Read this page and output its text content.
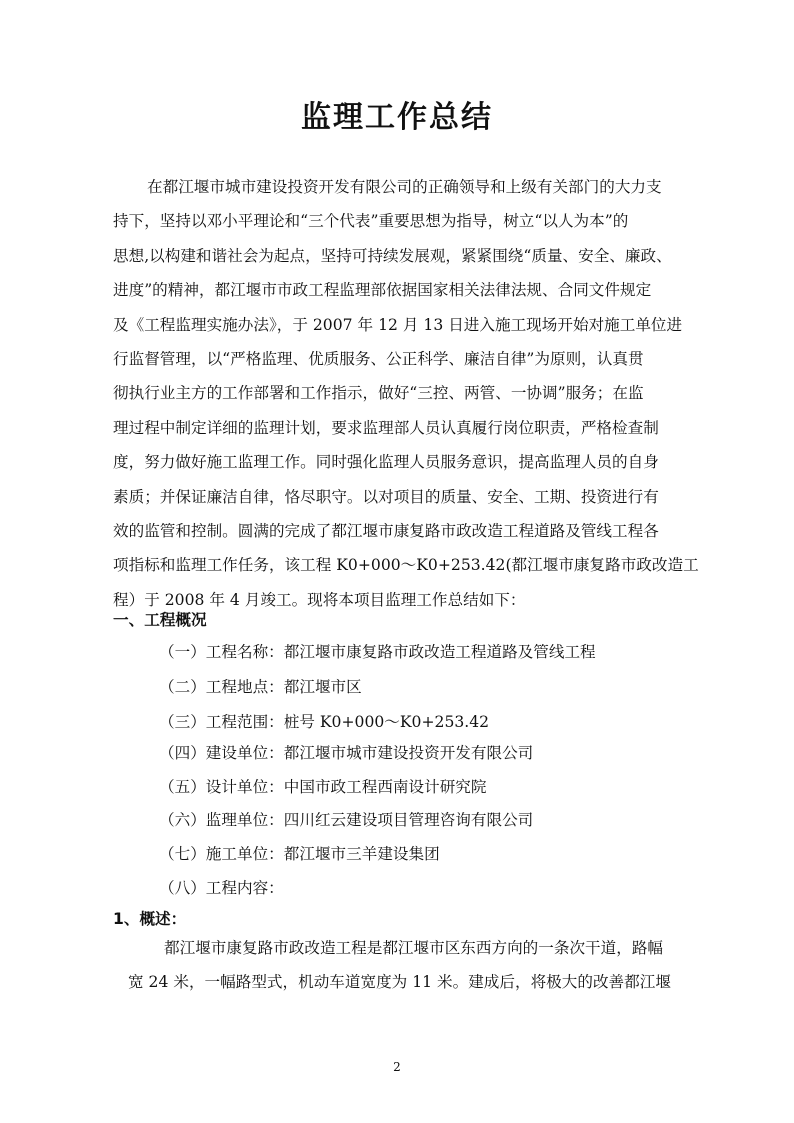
监理工作总结
在都江堰市城市建设投资开发有限公司的正确领导和上级有关部门的大力支
持下，坚持以邓小平理论和“三个代表”重要思想为指导，树立“以人为本”的
思想,以构建和谐社会为起点，坚持可持续发展观，紧紧围绕“质量、安全、廉政、
进度”的精神，都江堰市市政工程监理部依据国家相关法律法规、合同文件规定
及《工程监理实施办法》，于 2007 年 12 月 13 日进入施工现场开始对施工单位进
行监督管理，以“严格监理、优质服务、公正科学、廉洁自律”为原则，认真贯
彻执行业主方的工作部署和工作指示，做好“三控、两管、一协调”服务；在监
理过程中制定详细的监理计划，要求监理部人员认真履行岗位职责，严格检查制
度，努力做好施工监理工作。同时强化监理人员服务意识，提高监理人员的自身
素质；并保证廉洁自律，恪尽职守。以对项目的质量、安全、工期、投资进行有
效的监管和控制。圆满的完成了都江堰市康复路市政改造工程道路及管线工程各
项指标和监理工作任务，该工程 K0+000～K0+253.42(都江堰市康复路市政改造工
程）于 2008 年 4 月竣工。现将本项目监理工作总结如下：
一、工程概况

（一）工程名称：都江堰市康复路市政改造工程道路及管线工程

（二）工程地点：都江堰市区

（三）工程范围：桩号 K0+000～K0+253.42

（四）建设单位：都江堰市城市建设投资开发有限公司

（五）设计单位：中国市政工程西南设计研究院

（六）监理单位：四川红云建设项目管理咨询有限公司

（七）施工单位：都江堰市三羊建设集团

（八）工程内容：

1、概述：
都江堰市康复路市政改造工程是都江堰市区东西方向的一条次干道，路幅
宽 24 米，一幅路型式，机动车道宽度为 11 米。建成后，将极大的改善都江堰
2
